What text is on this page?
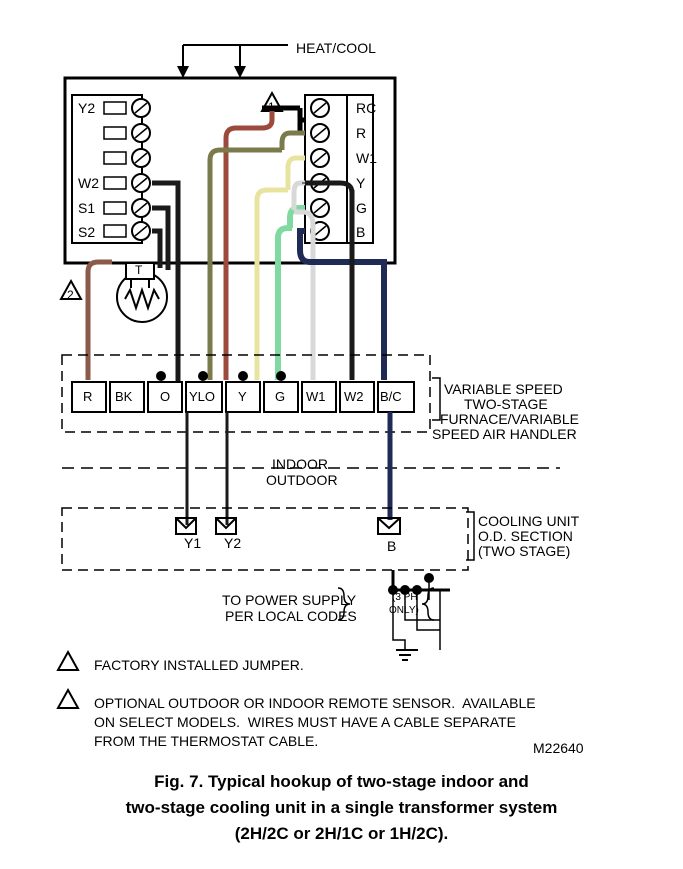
HEAT/COOL
Y2
W2
S1
S2
RC
R
W1
Y
G
B
1
2
T
R BK O YLO Y G W1 W2 B/C	VARIABLE SPEED
TWO-STAGE
FURNACE/VARIABLE
SPEED AIR HANDLER
INDOOR
OUTDOOR
Y1 Y2	B
COOLING UNIT
O.D. SECTION
(TWO STAGE)
TO POWER SUPPLY
PER LOCAL CODES
(3 PH
ONLY)
FACTORY INSTALLED JUMPER.
OPTIONAL OUTDOOR OR INDOOR REMOTE SENSOR.  AVAILABLE
ON SELECT MODELS.  WIRES MUST HAVE A CABLE SEPARATE
FROM THE THERMOSTAT CABLE.	M22640
Fig. 7. Typical hookup of two-stage indoor and
two-stage cooling unit in a single transformer system
(2H/2C or 2H/1C or 1H/2C).
